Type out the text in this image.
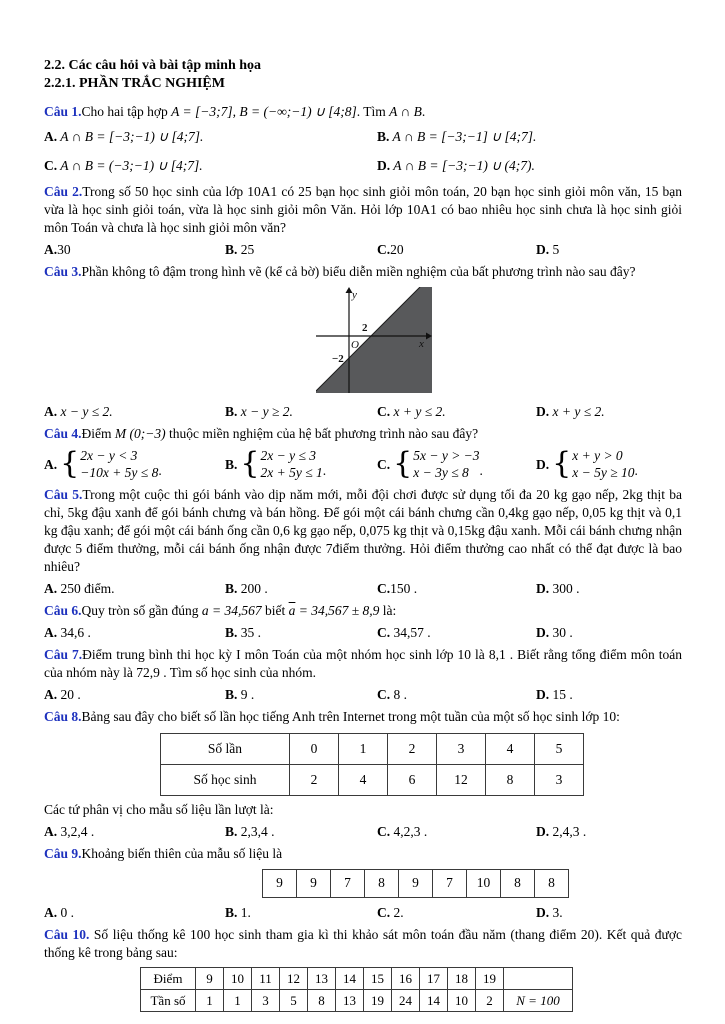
2.2. Các câu hỏi và bài tập minh họa

2.2.1. PHẦN TRẮC NGHIỆM

Câu 1.Cho hai tập hợp A = [−3;7], B = (−∞;−1) ∪ [4;8]. Tìm A ∩ B.

A. A ∩ B = [−3;−1) ∪ [4;7].	B. A ∩ B = [−3;−1] ∪ [4;7].
C. A ∩ B = (−3;−1) ∪ [4;7].	D. A ∩ B = [−3;−1) ∪ (4;7).

Câu 2.Trong số 50 học sinh của lớp 10A1 có 25 bạn học sinh giỏi môn toán, 20 bạn học sinh giỏi môn văn, 15 bạn vừa là học sinh giỏi toán, vừa là học sinh giỏi môn Văn. Hỏi lớp 10A1 có bao nhiêu học sinh chưa là học sinh giỏi môn Toán và chưa là học sinh giỏi môn văn?

A.30	B. 25	C.20	D. 5

Câu 3.Phần không tô đậm trong hình vẽ (kể cả bờ) biểu diễn miền nghiệm của bất phương trình nào sau đây?

y
x
O
2
−2
A. x − y ≤ 2.	B. x − y ≥ 2.	C. x + y ≤ 2.	D. x + y ≤ 2.

Câu 4.Điểm M (0;−3) thuộc miền nghiệm của hệ bất phương trình nào sau đây?

A. { 2x − y < 3
−10x + 5y ≤ 8 .	B. { 2x − y ≤ 3
2x + 5y ≤ 1 .	C. { 5x − y > −3
x − 3y ≤ 8 .	D. { x + y > 0
x − 5y ≥ 10 .

Câu 5.Trong một cuộc thi gói bánh vào dịp năm mới, mỗi đội chơi được sử dụng tối đa 20 kg gạo nếp, 2kg thịt ba chỉ, 5kg đậu xanh để gói bánh chưng và bán hồng. Để gói một cái bánh chưng cần 0,4kg gạo nếp, 0,05 kg thịt và 0,1 kg đậu xanh; để gói một cái bánh ống cần 0,6 kg gạo nếp, 0,075 kg thịt và 0,15kg đậu xanh. Mỗi cái bánh chưng nhận được 5 điểm thưởng, mỗi cái bánh ống nhận được 7điểm thưởng. Hỏi điểm thưởng cao nhất có thể đạt được là bao nhiêu?

A. 250 điểm.	B. 200 .	C.150 .	D. 300 .

Câu 6.Quy tròn số gần đúng a = 34,567 biết $\overline{a} = 34,567 \pm 8,9$ là:

A. 34,6 .	B. 35 .	C. 34,57 .	D. 30 .

Câu 7.Điểm trung bình thi học kỳ I môn Toán của một nhóm học sinh lớp 10 là 8,1 . Biết rằng tổng điểm môn toán của nhóm này là 72,9 . Tìm số học sinh của nhóm.

A. 20 .	B. 9 .	C. 8 .	D. 15 .

Câu 8.Bảng sau đây cho biết số lần học tiếng Anh trên Internet trong một tuần của một số học sinh lớp 10:

Số lần	0	1	2	3	4	5
Số học sinh	2	4	6	12	8	3

Các tứ phân vị cho mẫu số liệu lần lượt là:

A. 3,2,4 .	B. 2,3,4 .	C. 4,2,3 .	D. 2,4,3 .

Câu 9.Khoảng biến thiên của mẫu số liệu là

9	9	7	8	9	7	10	8	8
A. 0 .	B. 1.	C. 2.	D. 3.

Câu 10. Số liệu thống kê 100 học sinh tham gia kì thi khảo sát môn toán đầu năm (thang điểm 20). Kết quả được thống kê trong bảng sau:

Điểm	9	10	11	12	13	14	15	16	17	18	19	
Tần số	1	1	3	5	8	13	19	24	14	10	2	N = 100
